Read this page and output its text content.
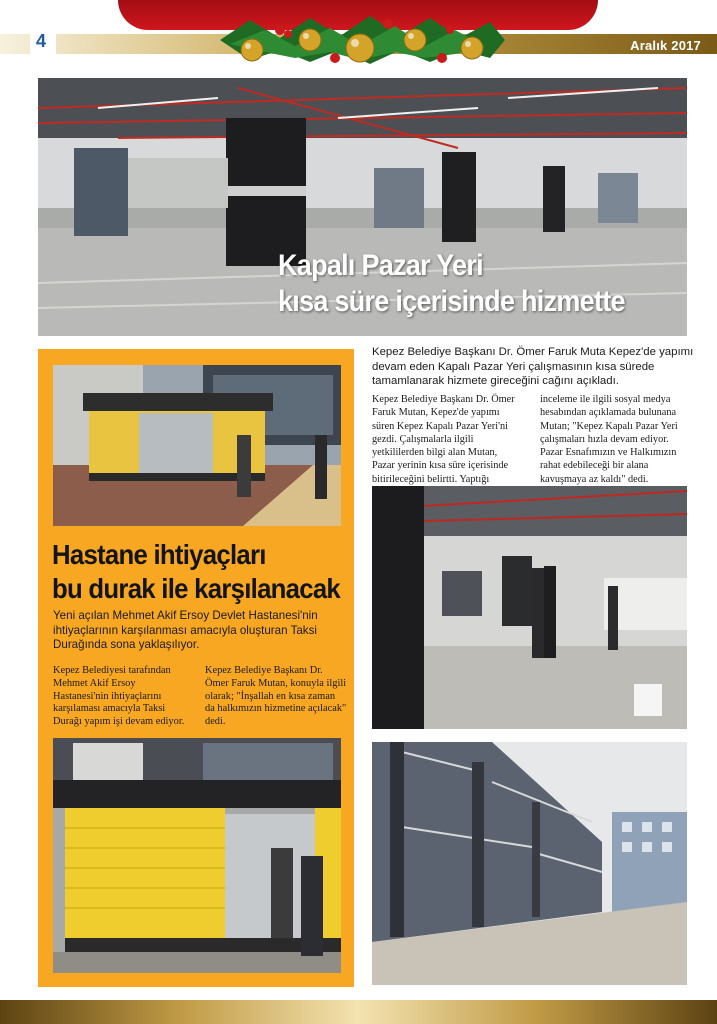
4	Aralık 2017
Kapalı Pazar Yeri
kısa süre içerisinde hizmette
Hastane ihtiyaçları
bu durak ile karşılanacak
Yeni açılan Mehmet Akif Ersoy Devlet Hastanesi'nin ihtiyaçlarının karşılanması amacıyla oluşturan Taksi Durağında sona yaklaşılıyor.
Kepez Belediyesi tarafından Mehmet Akif Ersoy Hastanesi'nin ihtiyaçlarını karşılaması amacıyla Taksi Durağı yapım işi devam ediyor.
Kepez Belediye Başkanı Dr. Ömer Faruk Mutan, konuyla ilgili olarak; "İnşallah en kısa zaman da halkımızın hizmetine açılacak" dedi.
Kepez Belediye Başkanı Dr. Ömer Faruk Muta Kepez'de yapımı devam eden Kapalı Pazar Yeri çalışmasının kısa sürede tamamlanarak hizmete gireceğini cağını açıkladı.
Kepez Belediye Başkanı Dr. Ömer Faruk Mutan, Kepez'de yapımı süren Kepez Kapalı Pazar Yeri'ni gezdi. Çalışmalarla ilgili yetkililerden bilgi alan Mutan, Pazar yerinin kısa süre içerisinde bitirileceğini belirtti. Yaptığı
inceleme ile ilgili sosyal medya hesabından açıklamada bulunana Mutan; "Kepez Kapalı Pazar Yeri çalışmaları hızla devam ediyor. Pazar Esnafımızın ve Halkımızın rahat edebileceği bir alana kavuşmaya az kaldı" dedi.
